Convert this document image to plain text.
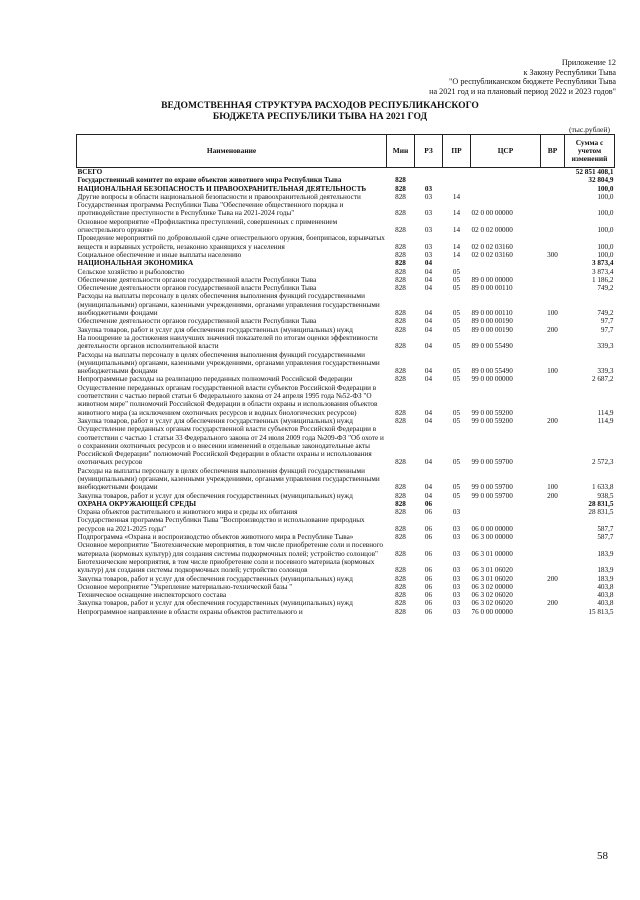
Приложение 12
к Закону Республики Тыва
"О республиканском бюджете Республики Тыва
на 2021 год и на плановый период 2022 и 2023 годов"
ВЕДОМСТВЕННАЯ СТРУКТУРА РАСХОДОВ РЕСПУБЛИКАНСКОГО
БЮДЖЕТА РЕСПУБЛИКИ ТЫВА НА 2021 ГОД
(тыс.рублей)
Наименование	Мин	РЗ	ПР	ЦСР	ВР	Сумма с учетом изменений
ВСЕГО						52 851 408,1
Государственный комитет по охране объектов животного мира Республики Тыва	828					32 804,9
НАЦИОНАЛЬНАЯ БЕЗОПАСНОСТЬ И ПРАВООХРАНИТЕЛЬНАЯ ДЕЯТЕЛЬНОСТЬ	828	03				100,0
Другие вопросы в области национальной безопасности и правоохранительной деятельности	828	03	14			100,0
Государственная программа Республики Тыва "Обеспечение общественного порядка и противодействие преступности в Республике Тыва на 2021-2024 годы"	828	03	14	02 0 00 00000		100,0
Основное мероприятие «Профилактика преступлений, совершенных с применением огнестрельного оружия»	828	03	14	02 0 02 00000		100,0
Проведение мероприятий по добровольной сдаче огнестрельного оружия, боеприпасов, взрывчатых веществ и взрывных устройств, незаконно хранящихся у населения	828	03	14	02 0 02 03160		100,0
Социальное обеспечение и иные выплаты населению	828	03	14	02 0 02 03160	300	100,0
НАЦИОНАЛЬНАЯ ЭКОНОМИКА	828	04				3 873,4
Сельское хозяйство и рыболовство	828	04	05			3 873,4
Обеспечение деятельности органов государственной власти Республики Тыва	828	04	05	89 0 00 00000		1 186,2
Обеспечение деятельности органов государственной власти Республики Тыва	828	04	05	89 0 00 00110		749,2
Расходы на выплаты персоналу в целях обеспечения выполнения функций государственными (муниципальными) органами, казенными учреждениями, органами управления государственными внебюджетными фондами	828	04	05	89 0 00 00110	100	749,2
Обеспечение деятельности органов государственной власти Республики Тыва	828	04	05	89 0 00 00190		97,7
Закупка товаров, работ и услуг для обеспечения государственных (муниципальных) нужд	828	04	05	89 0 00 00190	200	97,7
На поощрение за достижения наилучших значений показателей по итогам оценки эффективности деятельности органов исполнительной власти	828	04	05	89 0 00 55490		339,3
Расходы на выплаты персоналу в целях обеспечения выполнения функций государственными (муниципальными) органами, казенными учреждениями, органами управления государственными внебюджетными фондами	828	04	05	89 0 00 55490	100	339,3
Непрограммные расходы на реализацию переданных полномочий Российской Федерации	828	04	05	99 0 00 00000		2 687,2
Осуществление переданных органам государственной власти субъектов Российской Федерации в соответствии с частью первой статьи 6 Федерального закона от 24 апреля 1995 года №52-ФЗ "О животном мире" полномочий Российской Федерации в области охраны и использования объектов животного мира (за исключением охотничьих ресурсов и водных биологических ресурсов)	828	04	05	99 0 00 59200		114,9
Закупка товаров, работ и услуг для обеспечения государственных (муниципальных) нужд	828	04	05	99 0 00 59200	200	114,9
Осуществление переданных органам государственной власти субъектов Российской Федерации в соответствии с частью 1 статьи 33 Федерального закона от 24 июля 2009 года №209-ФЗ "Об охоте и о сохранении охотничьих ресурсов и о внесении изменений в отдельные законодательные акты Российской Федерации" полномочий Российской Федерации в области охраны и использования охотничьих ресурсов	828	04	05	99 0 00 59700		2 572,3
Расходы на выплаты персоналу в целях обеспечения выполнения функций государственными (муниципальными) органами, казенными учреждениями, органами управления государственными внебюджетными фондами	828	04	05	99 0 00 59700	100	1 633,8
Закупка товаров, работ и услуг для обеспечения государственных (муниципальных) нужд	828	04	05	99 0 00 59700	200	938,5
ОХРАНА ОКРУЖАЮЩЕЙ СРЕДЫ	828	06				28 831,5
Охрана объектов растительного и животного мира и среды их обитания	828	06	03			28 831,5
Государственная программа Республики Тыва "Воспроизводство и использование природных ресурсов на 2021-2025 годы"	828	06	03	06 0 00 00000		587,7
Подпрограмма «Охрана и воспроизводство объектов животного мира в Республике Тыва»	828	06	03	06 3 00 00000		587,7
Основное мероприятие "Биотехнические мероприятия, в том числе приобретение соли и посевного материала (кормовых культур) для создания системы подкормочных полей; устройство солонцов"	828	06	03	06 3 01 00000		183,9
Биотехнические мероприятия, в том числе приобретение соли и посевного материала (кормовых культур) для создания системы подкормочных полей; устройство солонцов	828	06	03	06 3 01 06020		183,9
Закупка товаров, работ и услуг для обеспечения государственных (муниципальных) нужд	828	06	03	06 3 01 06020	200	183,9
Основное мероприятие "Укрепление материально-технической базы "	828	06	03	06 3 02 00000		403,8
Техническое оснащение инспекторского состава	828	06	03	06 3 02 06020		403,8
Закупка товаров, работ и услуг для обеспечения государственных (муниципальных) нужд	828	06	03	06 3 02 06020	200	403,8
Непрограммное направление в области охраны объектов растительного и	828	06	03	76 0 00 00000		15 813,5
58
